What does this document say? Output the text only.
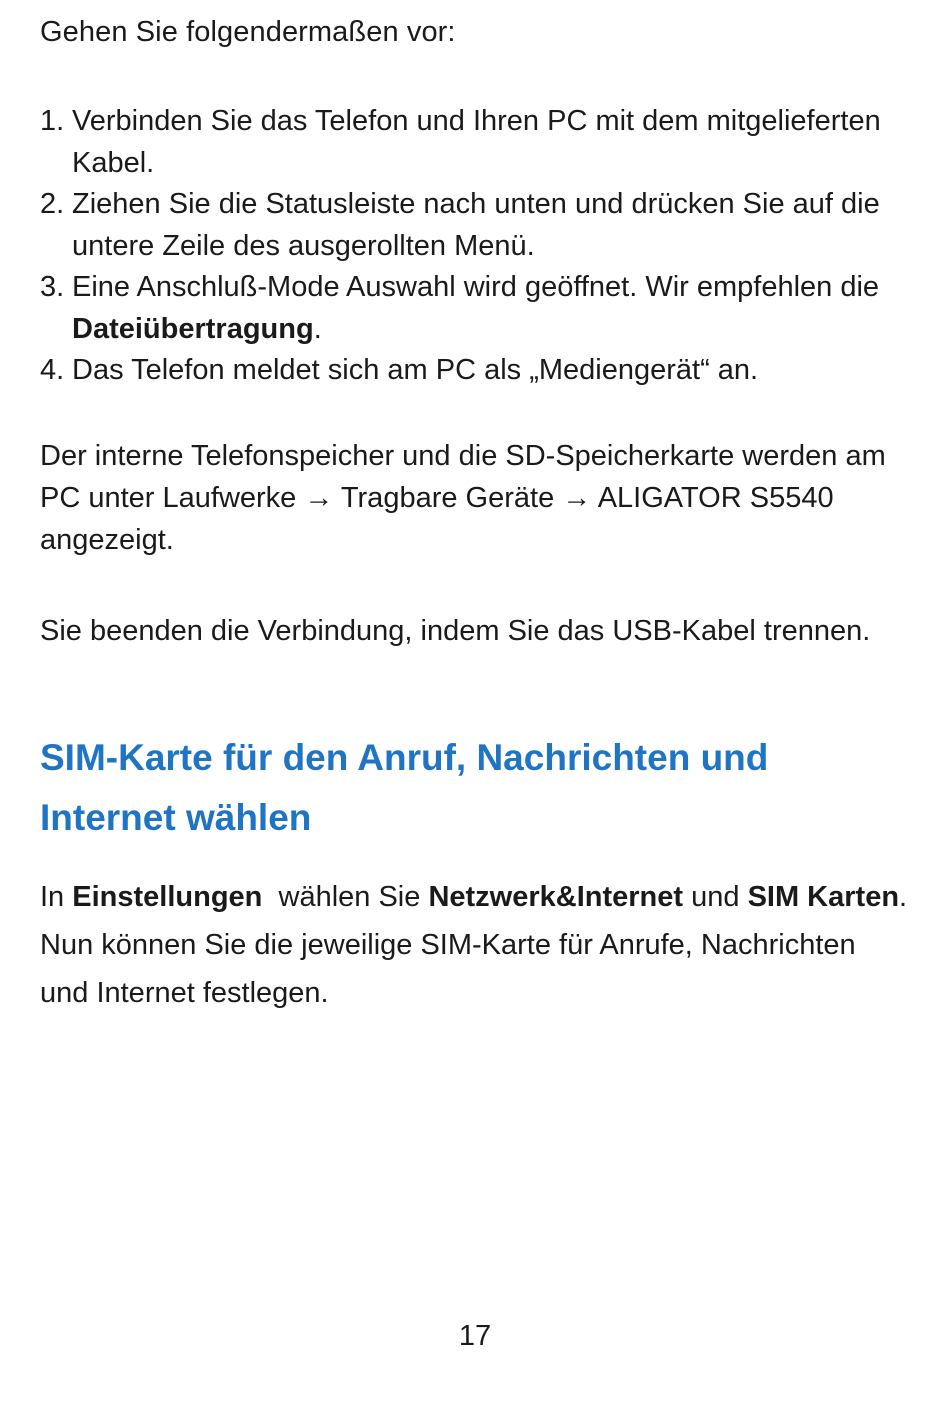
Gehen Sie folgendermaßen vor:

1. Verbinden Sie das Telefon und Ihren PC mit dem mitgelieferten Kabel.
2. Ziehen Sie die Statusleiste nach unten und drücken Sie auf die untere Zeile des ausgerollten Menü.
3. Eine Anschluß-Mode Auswahl wird geöffnet. Wir empfehlen die Dateiübertragung.
4. Das Telefon meldet sich am PC als „Mediengerät“ an.

Der interne Telefonspeicher und die SD-Speicherkarte werden am PC unter Laufwerke → Tragbare Geräte → ALIGATOR S5540 angezeigt.

Sie beenden die Verbindung, indem Sie das USB-Kabel trennen.

SIM-Karte für den Anruf, Nachrichten und Internet wählen

In Einstellungen  wählen Sie Netzwerk&Internet und SIM Karten. Nun können Sie die jeweilige SIM-Karte für Anrufe, Nachrichten und Internet festlegen.

17
